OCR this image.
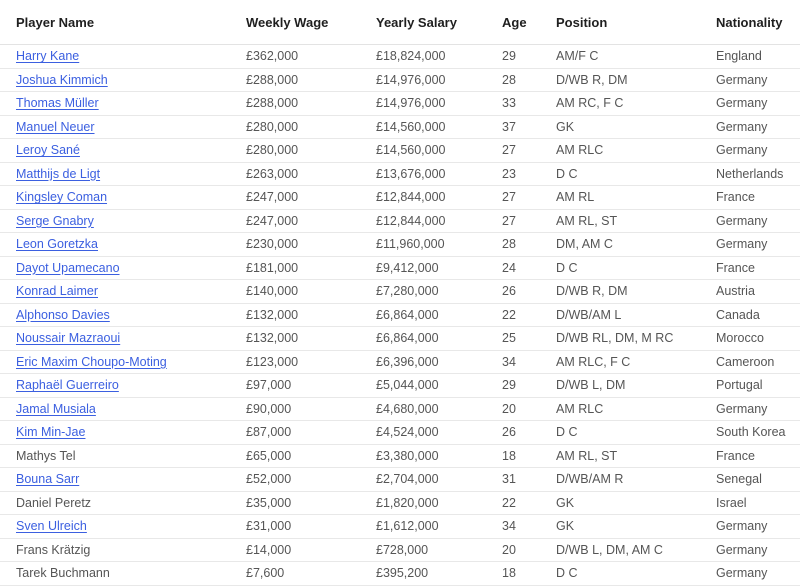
Player Name	Weekly Wage	Yearly Salary	Age	Position	Nationality
Harry Kane	£362,000	£18,824,000	29	AM/F C	England
Joshua Kimmich	£288,000	£14,976,000	28	D/WB R, DM	Germany
Thomas Müller	£288,000	£14,976,000	33	AM RC, F C	Germany
Manuel Neuer	£280,000	£14,560,000	37	GK	Germany
Leroy Sané	£280,000	£14,560,000	27	AM RLC	Germany
Matthijs de Ligt	£263,000	£13,676,000	23	D C	Netherlands
Kingsley Coman	£247,000	£12,844,000	27	AM RL	France
Serge Gnabry	£247,000	£12,844,000	27	AM RL, ST	Germany
Leon Goretzka	£230,000	£11,960,000	28	DM, AM C	Germany
Dayot Upamecano	£181,000	£9,412,000	24	D C	France
Konrad Laimer	£140,000	£7,280,000	26	D/WB R, DM	Austria
Alphonso Davies	£132,000	£6,864,000	22	D/WB/AM L	Canada
Noussair Mazraoui	£132,000	£6,864,000	25	D/WB RL, DM, M RC	Morocco
Eric Maxim Choupo-Moting	£123,000	£6,396,000	34	AM RLC, F C	Cameroon
Raphaël Guerreiro	£97,000	£5,044,000	29	D/WB L, DM	Portugal
Jamal Musiala	£90,000	£4,680,000	20	AM RLC	Germany
Kim Min-Jae	£87,000	£4,524,000	26	D C	South Korea
Mathys Tel	£65,000	£3,380,000	18	AM RL, ST	France
Bouna Sarr	£52,000	£2,704,000	31	D/WB/AM R	Senegal
Daniel Peretz	£35,000	£1,820,000	22	GK	Israel
Sven Ulreich	£31,000	£1,612,000	34	GK	Germany
Frans Krätzig	£14,000	£728,000	20	D/WB L, DM, AM C	Germany
Tarek Buchmann	£7,600	£395,200	18	D C	Germany
